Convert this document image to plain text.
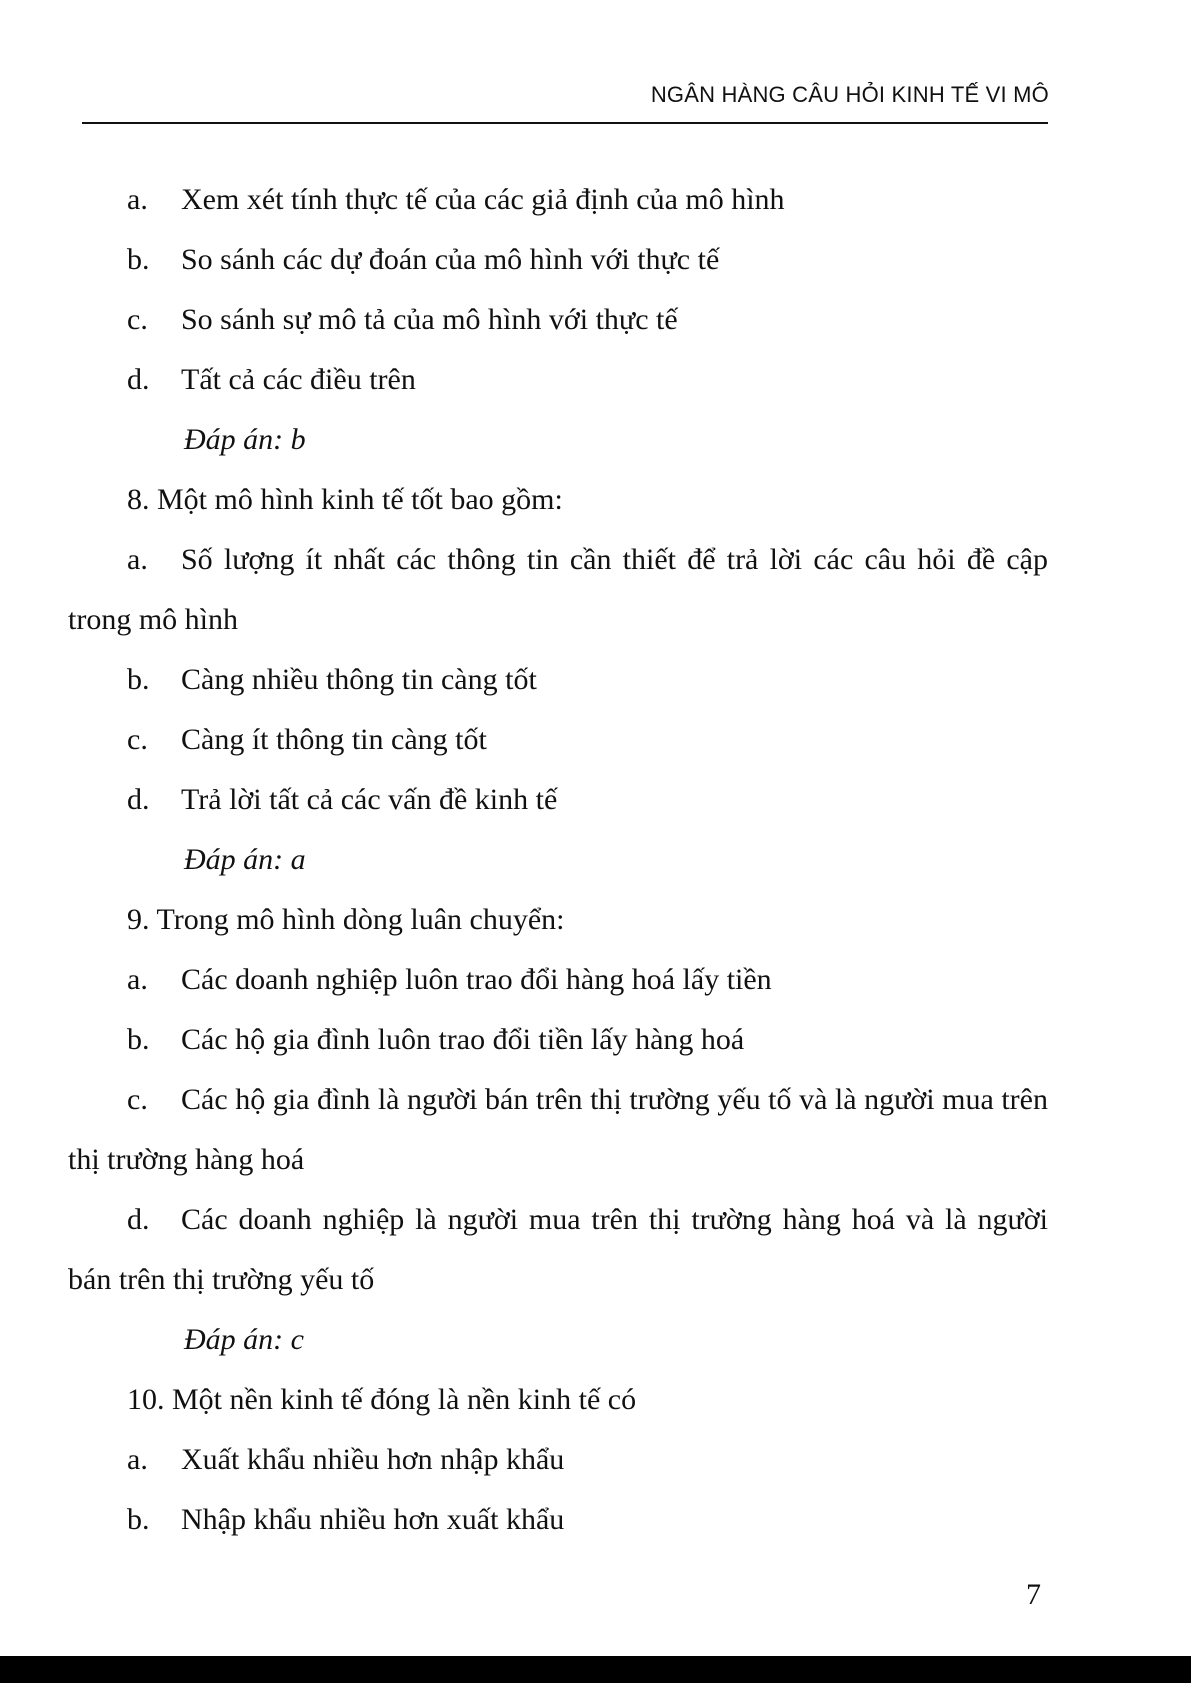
NGÂN HÀNG CÂU HỎI KINH TẾ VI MÔ

a. Xem xét tính thực tế của các giả định của mô hình

b. So sánh các dự đoán của mô hình với thực tế

c. So sánh sự mô tả của mô hình với thực tế

d. Tất cả các điều trên

Đáp án: b

8. Một mô hình kinh tế tốt bao gồm:

a. Số lượng ít nhất các thông tin cần thiết để trả lời các câu hỏi đề cập trong mô hình

b. Càng nhiều thông tin càng tốt

c. Càng ít thông tin càng tốt

d. Trả lời tất cả các vấn đề kinh tế

Đáp án: a

9. Trong mô hình dòng luân chuyển:

a. Các doanh nghiệp luôn trao đổi hàng hoá lấy tiền

b. Các hộ gia đình luôn trao đổi tiền lấy hàng hoá

c. Các hộ gia đình là người bán trên thị trường yếu tố và là người mua trên thị trường hàng hoá

d. Các doanh nghiệp là người mua trên thị trường hàng hoá và là người bán trên thị trường yếu tố

Đáp án: c

10. Một nền kinh tế đóng là nền kinh tế có

a. Xuất khẩu nhiều hơn nhập khẩu

b. Nhập khẩu nhiều hơn xuất khẩu

7
